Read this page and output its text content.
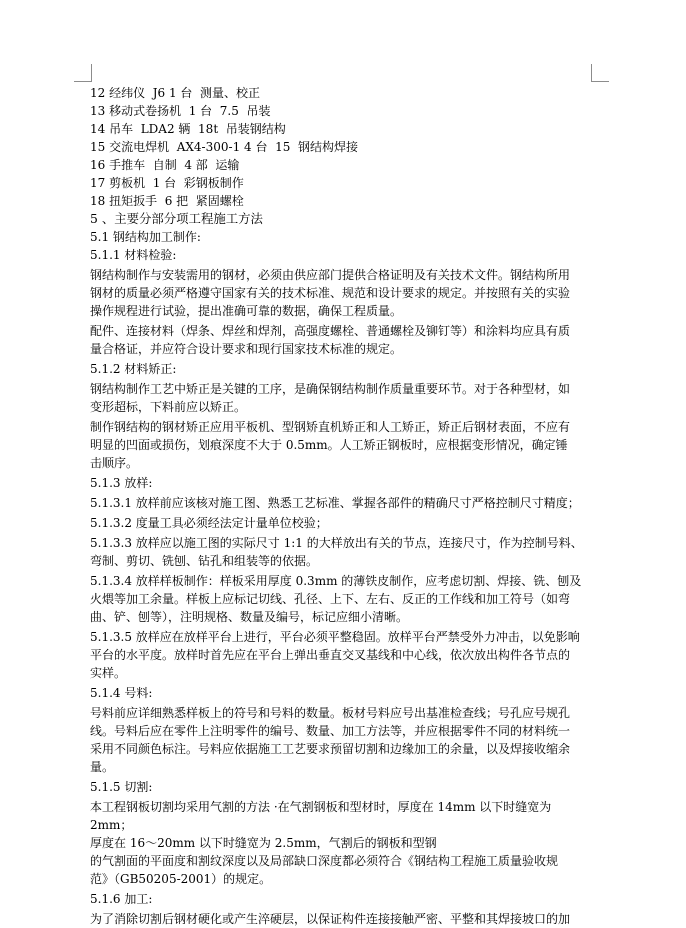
12 经纬仪  J6 1 台  测量、校正

13 移动式卷扬机  1 台  7.5  吊装

14 吊车  LDA2 辆  18t  吊装钢结构

15 交流电焊机  AX4-300-1 4 台  15  钢结构焊接

16 手推车  自制  4 部  运输

17 剪板机  1 台  彩钢板制作

18 扭矩扳手  6 把  紧固螺栓

5 、主要分部分项工程施工方法

5.1 钢结构加工制作:

5.1.1 材料检验:

钢结构制作与安装需用的钢材，必须由供应部门提供合格证明及有关技术文件。钢结构所用

钢材的质量必须严格遵守国家有关的技术标准、规范和设计要求的规定。并按照有关的实验

操作规程进行试验，提出准确可靠的数据，确保工程质量。

配件、连接材料（焊条、焊丝和焊剂，高强度螺栓、普通螺栓及铆钉等）和涂料均应具有质

量合格证，并应符合设计要求和现行国家技术标准的规定。

5.1.2 材料矫正:

钢结构制作工艺中矫正是关键的工序，是确保钢结构制作质量重要环节。对于各种型材，如

变形超标，下料前应以矫正。

制作钢结构的钢材矫正应用平板机、型钢矫直机矫正和人工矫正，矫正后钢材表面，不应有

明显的凹面或损伤，划痕深度不大于 0.5mm。人工矫正钢板时，应根据变形情况，确定锤

击顺序。

5.1.3 放样:

5.1.3.1 放样前应该核对施工图、熟悉工艺标准、掌握各部件的精确尺寸严格控制尺寸精度；

5.1.3.2 度量工具必须经法定计量单位校验；

5.1.3.3 放样应以施工图的实际尺寸 1:1 的大样放出有关的节点，连接尺寸，作为控制号料、

弯制、剪切、铣刨、钻孔和组装等的依据。

5.1.3.4 放样样板制作：样板采用厚度 0.3mm 的薄铁皮制作，应考虑切割、焊接、铣、刨及

火煨等加工余量。样板上应标记切线、孔径、上下、左右、反正的工作线和加工符号（如弯

曲、铲、刨等），注明规格、数量及编号，标记应细小清晰。

5.1.3.5 放样应在放样平台上进行，平台必须平整稳固。放样平台严禁受外力冲击，以免影响

平台的水平度。放样时首先应在平台上弹出垂直交叉基线和中心线，依次放出构件各节点的

实样。

5.1.4 号料:

号料前应详细熟悉样板上的符号和号料的数量。板材号料应号出基准检查线；号孔应号规孔

线。号料后应在零件上注明零件的编号、数量、加工方法等，并应根据零件不同的材料统一

采用不同颜色标注。号料应依据施工工艺要求预留切割和边缘加工的余量，以及焊接收缩余

量。

5.1.5 切割:

本工程钢板切割均采用气割的方法 ·在气割钢板和型材时，厚度在 14mm 以下时缝宽为 2mm；

厚度在 16～20mm 以下时缝宽为 2.5mm，气割后的钢板和型钢

的气割面的平面度和割纹深度以及局部缺口深度都必须符合《钢结构工程施工质量验收规

范》（GB50205-2001）的规定。

5.1.6 加工:

为了消除切割后钢材硬化或产生淬硬层，以保证构件连接接触严密、平整和其焊接坡口的加
